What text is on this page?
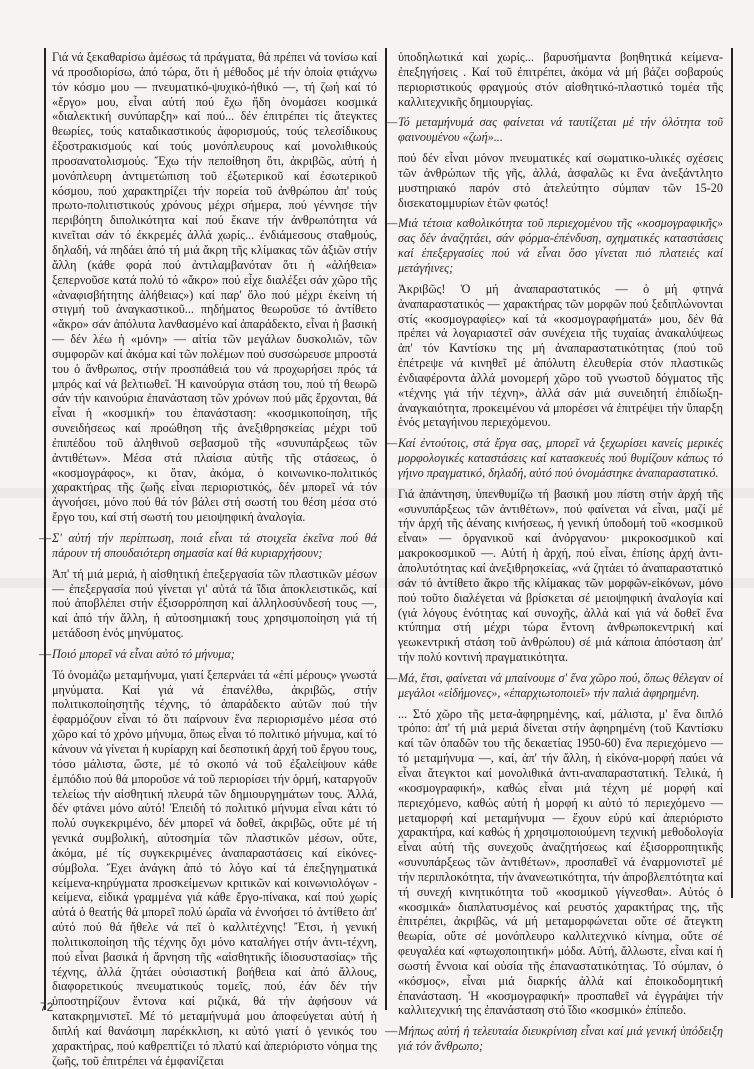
Γιά νά ξεκαθαρίσω ἀμέσως τά πράγματα, θά πρέπει νά τονίσω καί νά προσδιορίσω, ἀπό τώρα, ὅτι ἡ μέθοδος μέ τήν ὁποία φτιάχνω τόν κόσμο μου — πνευματικό-ψυχικό-ἠθικό —, τή ζωή καί τό «ἔργο» μου, εἶναι αὐτή πού ἔχω ἤδη ὀνομάσει κοσμικά «διαλεκτική συνύπαρξη» καί πού... δέν ἐπιτρέπει τίς ἄτεγκτες θεωρίες, τούς καταδικαστικούς ἀφορισμούς, τούς τελεσίδικους ἐξοστρακισμούς καί τούς μονόπλευρους καί μονολιθικούς προσανατολισμούς. Ἔχω τήν πεποίθηση ὅτι, ἀκριβῶς, αὐτή ἡ μονόπλευρη ἀντιμετώπιση τοῦ ἐξωτερικοῦ καί ἐσωτερικοῦ κόσμου, πού χαρακτηρίζει τήν πορεία τοῦ ἀνθρώπου ἀπ' τούς πρωτο-πολιτιστικούς χρόνους μέχρι σήμερα, πού γέννησε τήν περιβόητη διπολικότητα καί πού ἔκανε τήν ἀνθρωπότητα νά κινεῖται σάν τό ἐκκρεμές ἀλλά χωρίς... ἐνδιάμεσους σταθμούς, δηλαδή, νά πηδάει ἀπό τή μιά ἄκρη τῆς κλίμακας τῶν ἀξιῶν στήν ἄλλη (κάθε φορά πού ἀντιλαμβανόταν ὅτι ἡ «ἀλήθεια» ξεπερνοῦσε κατά πολύ τό «ἄκρο» πού εἶχε διαλέξει σάν χῶρο τῆς «ἀναφισβήτητης ἀλήθειας») καί παρ' ὅλο πού μέχρι ἐκείνη τή στιγμή τοῦ ἀναγκαστικοῦ... πηδήματος θεωροῦσε τό ἀντίθετο «ἄκρο» σάν ἀπόλυτα λανθασμένο καί ἀπαράδεκτο, εἶναι ἡ βασική — δέν λέω ἡ «μόνη» — αἰτία τῶν μεγάλων δυσκολιῶν, τῶν συμφορῶν καί ἀκόμα καί τῶν πολέμων πού συσσώρευσε μπροστά του ὁ ἄνθρωπος, στήν προσπάθειά του νά προχωρήσει πρός τά μπρός καί νά βελτιωθεῖ. Ἡ καινούργια στάση του, πού τή θεωρῶ σάν τήν καινούρια ἐπανάσταση τῶν χρόνων πού μᾶς ἔρχονται, θά εἶναι ἡ «κοσμική» του ἐπανάσταση: «κοσμικοποίηση, τῆς συνειδήσεως καί προώθηση τῆς ἀνεξιθρησκείας μέχρι τοῦ ἐπιπέδου τοῦ ἀληθινοῦ σεβασμοῦ τῆς «συνυπάρξεως τῶν ἀντιθέτων». Μέσα στά πλαίσια αὐτῆς τῆς στάσεως, ὁ «κοσμογράφος», κι ὅταν, ἀκόμα, ὁ κοινωνικο-πολιτικός χαρακτήρας τῆς ζωῆς εἶναι περιοριστικός, δέν μπορεῖ νά τόν ἀγνοήσει, μόνο πού θά τόν βάλει στή σωστή του θέση μέσα στό ἔργο του, καί στή σωστή του μειοψηφική ἀναλογία.

— Σ' αὐτή τήν περίπτωση, ποιά εἶναι τά στοιχεῖα ἐκεῖνα πού θά πάρουν τή σπουδαιότερη σημασία καί θά κυριαρχήσουν;

Ἀπ' τή μιά μεριά, ἡ αἰσθητική ἐπεξεργασία τῶν πλαστικῶν μέσων — ἐπεξεργασία πού γίνεται γι' αὐτά τά ἴδια ἀποκλειστικῶς, καί πού ἀποβλέπει στήν ἐξισορρόπηση καί ἀλληλοσύνδεσή τους —, καί ἀπό τήν ἄλλη, ἡ αὐτοσημιακή τους χρησιμοποίηση γιά τή μετάδοση ἑνός μηνύματος.

— Ποιό μπορεῖ νά εἶναι αὐτό τό μήνυμα;

Τό ὀνομάζω μεταμήνυμα, γιατί ξεπερνάει τά «ἐπί μέρους» γνωστά μηνύματα. Καί γιά νά ἐπανέλθω, ἀκριβῶς, στήν πολιτικοποίησητῆς τέχνης, τό ἀπαράδεκτο αὐτῶν πού τήν ἐφαρμόζουν εἶναι τό ὅτι παίρνουν ἕνα περιορισμένο μέσα στό χῶρο καί τό χρόνο μήνυμα, ὅπως εἶναι τό πολιτικό μήνυμα, καί τό κάνουν νά γίνεται ἡ κυρίαρχη καί δεσποτική ἀρχή τοῦ ἔργου τους, τόσο μάλιστα, ὥστε, μέ τό σκοπό νά τοῦ ἐξαλείψουν κάθε ἐμπόδιο πού θά μποροῦσε νά τοῦ περιορίσει τήν ὁρμή, καταργοῦν τελείως τήν αἰσθητική πλευρά τῶν δημιουργημάτων τους. Ἀλλά, δέν φτάνει μόνο αὐτό! Ἐπειδή τό πολιτικό μήνυμα εἶναι κάτι τό πολύ συγκεκριμένο, δέν μπορεῖ νά δοθεῖ, ἀκριβῶς, οὔτε μέ τή γενικά συμβολική, αὐτοσημία τῶν πλαστικῶν μέσων, οὔτε, ἀκόμα, μέ τίς συγκεκριμένες ἀναπαραστάσεις καί εἰκόνες-σύμβολα. Ἔχει ἀνάγκη ἀπό τό λόγο καί τά ἐπεξηγηματικά κείμενα-κηρύγματα προσκείμενων κριτικῶν καί κοινωνιολόγων - κείμενα, εἰδικά γραμμένα γιά κάθε ἔργο-πίνακα, καί πού χωρίς αὐτά ὁ θεατής θά μπορεῖ πολύ ὡραῖα νά ἐννοήσει τό ἀντίθετο ἀπ' αὐτό πού θά ἤθελε νά πεῖ ὁ καλλιτέχνης! Ἔτσι, ἡ γενική πολιτικοποίηση τῆς τέχνης ὄχι μόνο καταλήγει στήν ἀντι-τέχνη, πού εἶναι βασικά ἡ ἄρνηση τῆς «αἰσθητικῆς ἰδιοσυστασίας» τῆς τέχνης, ἀλλά ζητάει οὐσιαστική βοήθεια καί ἀπό ἄλλους, διαφορετικούς πνευματικούς τομεῖς, πού, ἐάν δέν τήν ὑποστηρίζουν ἔντονα καί ριζικά, θά τήν ἀφήσουν νά κατακρημνιστεῖ. Μέ τό μεταμήνυμά μου ἀποφεύγεται αὐτή ἡ διπλή καί θανάσιμη παρέκκλιση, κι αὐτό γιατί ὁ γενικός του χαρακτήρας, πού καθρεπτίζει τό πλατύ καί ἀπεριόριστο νόημα της ζωῆς, τοῦ ἐπιτρέπει νά ἐμφανίζεται

ὑποδηλωτικά καί χωρίς... βαρυσήμαντα βοηθητικά κείμενα-ἐπεξηγήσεις . Καί τοῦ ἐπιτρέπει, ἀκόμα νά μή βάζει σοβαρούς περιοριστικούς φραγμούς στόν αἰσθητικό-πλαστικό τομέα τῆς καλλιτεχνικῆς δημιουργίας.

— Τό μεταμήνυμά σας φαίνεται νά ταυτίζεται μέ τήν ὁλότητα τοῦ φαινουμένου «ζωή»...

πού δέν εἶναι μόνον πνευματικές καί σωματικο-υλικές σχέσεις τῶν ἀνθρώπων τῆς γῆς, ἀλλά, ἀσφαλῶς κι ἕνα ἀνεξάντλητο μυστηριακό παρόν στό ἀτελεύτητο σύμπαν τῶν 15-20 δισεκατομμυρίων ἐτῶν φωτός!

— Μιά τέτοια καθολικότητα τοῦ περιεχομένου τῆς «κοσμογραφικῆς» σας δέν ἀναζητάει, σάν φόρμα-ἐπένδυση, σχηματικές καταστάσεις καί ἐπεξεργασίες πού νά εἶναι ὅσο γίνεται πιό πλατειές καί μετάγήινες;

Ἀκριβῶς! Ὁ μή ἀναπαραστατικός — ὁ μή φτηνά ἀναπαραστατικός — χαρακτήρας τῶν μορφῶν πού ξεδιπλώνονται στίς «κοσμογραφίες» καί τά «κοσμογραφήματά» μου, δέν θά πρέπει νά λογαριαστεῖ σάν συνέχεια τῆς τυχαίας ἀνακαλύψεως ἀπ' τόν Καντίσκυ της μή ἀναπαραστατικότητας (πού τοῦ ἐπέτρεψε νά κινηθεῖ μέ ἀπόλυτη ἐλευθερία στόν πλαστικῶς ἐνδιαφέροντα ἀλλά μονομερή χῶρο τοῦ γνωστοῦ δόγματος τῆς «τέχνης γιά τήν τέχνη», ἀλλά σάν μιά συνειδητή ἐπιδίωξη-ἀναγκαιότητα, προκειμένου νά μπορέσει νά ἐπιτρέψει τήν ὕπαρξη ἑνός μεταγήινου περιεχόμενου.

— Καί ἐντούτοις, στά ἔργα σας, μπορεῖ νά ξεχωρίσει κανείς μερικές μορφολογικές καταστάσεις καί κατασκευές πού θυμίζουν κάπως τό γήινο πραγματικό, δηλαδή, αὐτό πού ὀνομάστηκε ἀναπαραστατικό.

Γιά ἀπάντηση, ὑπενθυμίζω τή βασική μου πίστη στήν ἀρχή τῆς «συνυπάρξεως τῶν ἀντιθέτων», πού φαίνεται νά εἶναι, μαζί μέ τήν ἀρχή τῆς ἀέναης κινήσεως, ἡ γενική ὑποδομή τοῦ «κοσμικοῦ εἶναι» — ὀργανικοῦ καί ἀνόργανου· μικροκοσμικοῦ καί μακροκοσμικοῦ —. Αὐτή ἡ ἀρχή, πού εἶναι, ἐπίσης ἀρχή ἀντι-ἀπολυτότητας καί ἀνεξιθρησκείας, «νά ζητάει τό ἀναπαραστατικό σάν τό ἀντίθετο ἄκρο τῆς κλίμακας τῶν μορφῶν-εἰκόνων, μόνο πού τοῦτο διαλέγεται νά βρίσκεται σέ μειοψηφική ἀναλογία καί (γιά λόγους ἑνότητας καί συνοχῆς, ἀλλά καί γιά νά δοθεῖ ἕνα κτύπημα στή μέχρι τώρα ἔντονη ἀνθρωποκεντρική καί γεωκεντρική στάση τοῦ ἀνθρώπου) σέ μιά κάποια ἀπόσταση ἀπ' τήν πολύ κοντινή πραγματικότητα.

— Μά, ἔτσι, φαίνεται νά μπαίνουμε σ' ἕνα χῶρο πού, ὅπως θέλεγαν οἱ μεγάλοι «εἰδήμονες», «ἐπαρχιωτοποιεῖ» τήν παλιά ἀφηρημένη.

... Στό χῶρο τῆς μετα-ἀφηρημένης, καί, μάλιστα, μ' ἕνα διπλό τρόπο: ἀπ' τή μιά μεριά δίνεται στήν ἀφηρημένη (τοῦ Καντίσκυ καί τῶν ὀπαδῶν του τῆς δεκαετίας 1950-60) ἕνα περιεχόμενο — τό μεταμήνυμα —, καί, ἀπ' τήν ἄλλη, ἡ εἰκόνα-μορφή παύει νά εἶναι ἄτεγκτοι καί μονολιθικά ἀντι-αναπαραστατική. Τελικά, ἡ «κοσμογραφική», καθώς εἶναι μιά τέχνη μέ μορφή καί περιεχόμενο, καθώς αὐτή ἡ μορφή κι αὐτό τό περιεχόμενο — μεταμορφή καί μεταμήνυμα — ἔχουν εὐρύ καί ἀπεριόριστο χαρακτήρα, καί καθώς ἡ χρησιμοποιούμενη τεχνική μεθοδολογία εἶναι αὐτή τῆς συνεχοῦς ἀναζητήσεως καί ἐξισορροπητικῆς «συνυπάρξεως τῶν ἀντιθέτων», προσπαθεῖ νά ἐναρμονιστεῖ μέ τήν περιπλοκότητα, τήν ἀνανεωτικότητα, τήν ἀπροβλεπτότητα καί τή συνεχή κινητικότητα τοῦ «κοσμικοῦ γίγνεσθαι». Αὐτός ὁ «κοσμικά» διαπλατυσμένος καί ρευστός χαρακτήρας της, τῆς ἐπιτρέπει, ἀκριβῶς, νά μή μεταμορφώνεται οὔτε σέ ἄτεγκτη θεωρία, οὔτε σέ μονόπλευρο καλλιτεχνικό κίνημα, οὔτε σέ φευγαλέα καί «φτωχοποιητική» μόδα. Αὐτή, ἄλλωστε, εἶναι καί ἡ σωστή ἔννοια καί οὐσία τῆς ἐπαναστατικότητας. Τό σύμπαν, ὁ «κόσμος», εἶναι μιά διαρκής ἀλλά καί ἐποικοδομητική ἐπανάσταση. Ἡ «κοσμογραφική» προσπαθεῖ νά ἐγγράψει τήν καλλιτεχνική της ἐπανάσταση στό ἴδιο «κοσμικό» ἐπίπεδο.

— Μήπως αὐτή ἡ τελευταία διευκρίνιση εἶναι καί μιά γενική ὑπόδειξη γιά τόν ἄνθρωπο;

72
